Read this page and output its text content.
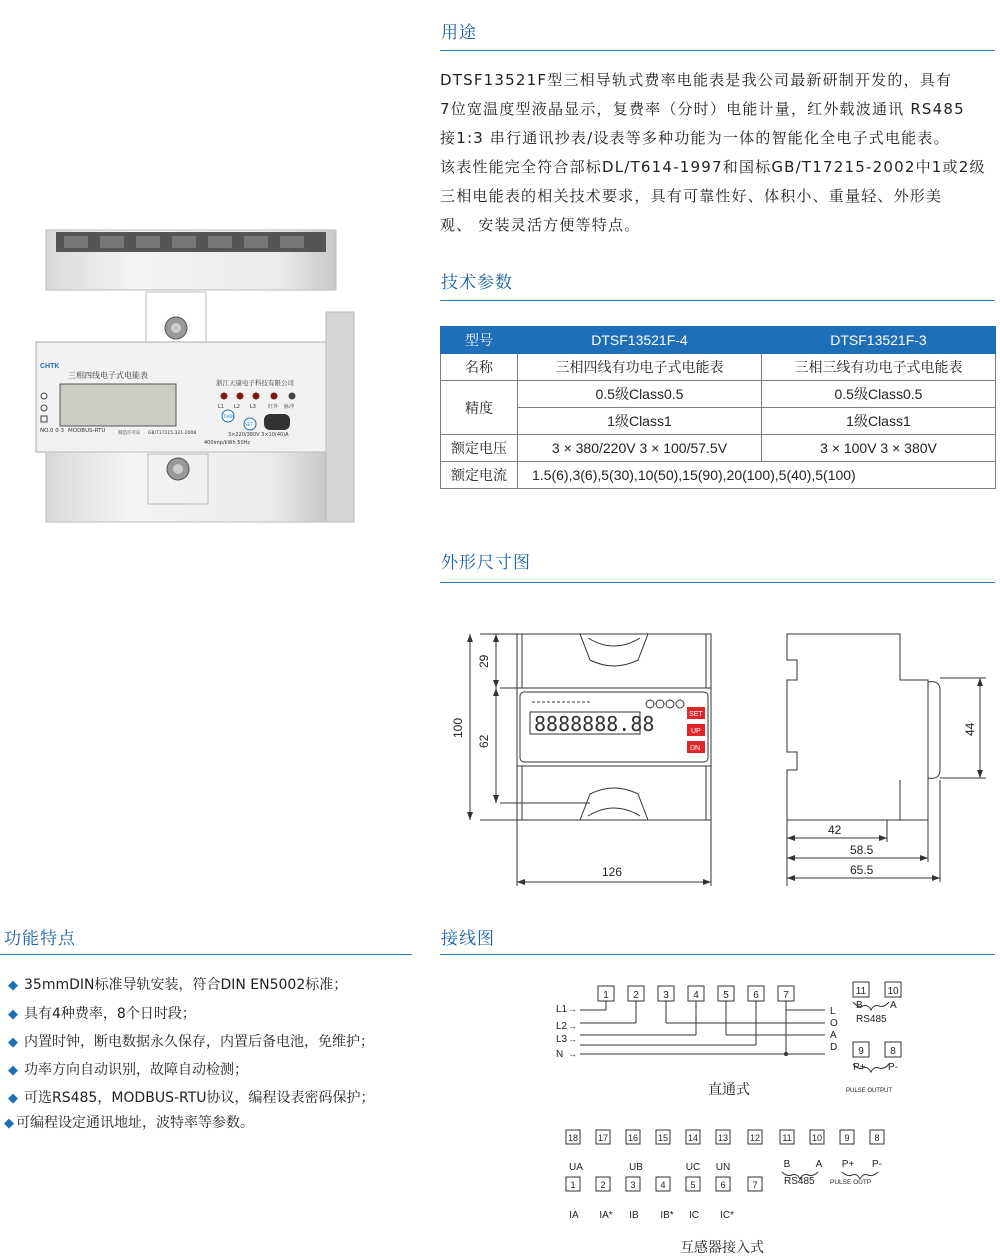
用途
DTSF13521F型三相导轨式费率电能表是我公司最新研制开发的，具有
7位宽温度型液晶显示，复费率（分时）电能计量，红外载波通讯 RS485
接1:3 串行通讯抄表/设表等多种功能为一体的智能化全电子式电能表。
该表性能完全符合部标DL/T614-1997和国标GB/T17215-2002中1或2级
三相电能表的相关技术要求，具有可靠性好、体积小、重量轻、外形美
观、 安装灵活方便等特点。
技术参数
型号	DTSF13521F-4	DTSF13521F-3
名称	三相四线有功电子式电能表	三相三线有功电子式电能表
精度	0.5级Class0.5	0.5级Class0.5
	1级Class1	1级Class1
额定电压	3 × 380/220V 3 × 100/57.5V	3 × 100V 3 × 380V
额定电流	1.5(6),3(6),5(30),10(50),15(90),20(100),5(40),5(100)	
CHTK
三相四线电子式电能表
浙江天康电子科技有限公司
NO.0 0 3 MODBUS-RTU	制造许可证 GB/T17215.321-2008
L1 L2 L3 红外 脉冲
TURN
SET
3×220/380V 3×10(40)A
400imp/kWh 50Hz
外形尺寸图
8888888.88	SET
UP
DN
100
29
62
126
44
42
58.5
65.5
功能特点
◆ 35mmDIN标准导轨安装，符合DIN EN5002标准；
◆ 具有4种费率，8个日时段；
◆ 内置时钟，断电数据永久保存，内置后备电池，免维护；
◆ 功率方向自动识别，故障自动检测；
◆ 可选RS485，MODBUS-RTU协议，编程设表密码保护；
◆ 可编程设定通讯地址，波特率等参数。
接线图
1 2 3 4 5 6 7	11 10
9	8
L1
L2
L3
N
L
O
A
D
B	A
RS485
P+ P-
→
→
→
→
PULSE OUTPUT
直通式
18 17 16 15 14 13 12 11 10 9	8
1	2	3	4	5	6	7
UA	UB	UC UN	B	A P+ P-
IA IA* IB IB* IC IC*
RS485 PULSE OUTP
互感器接入式
